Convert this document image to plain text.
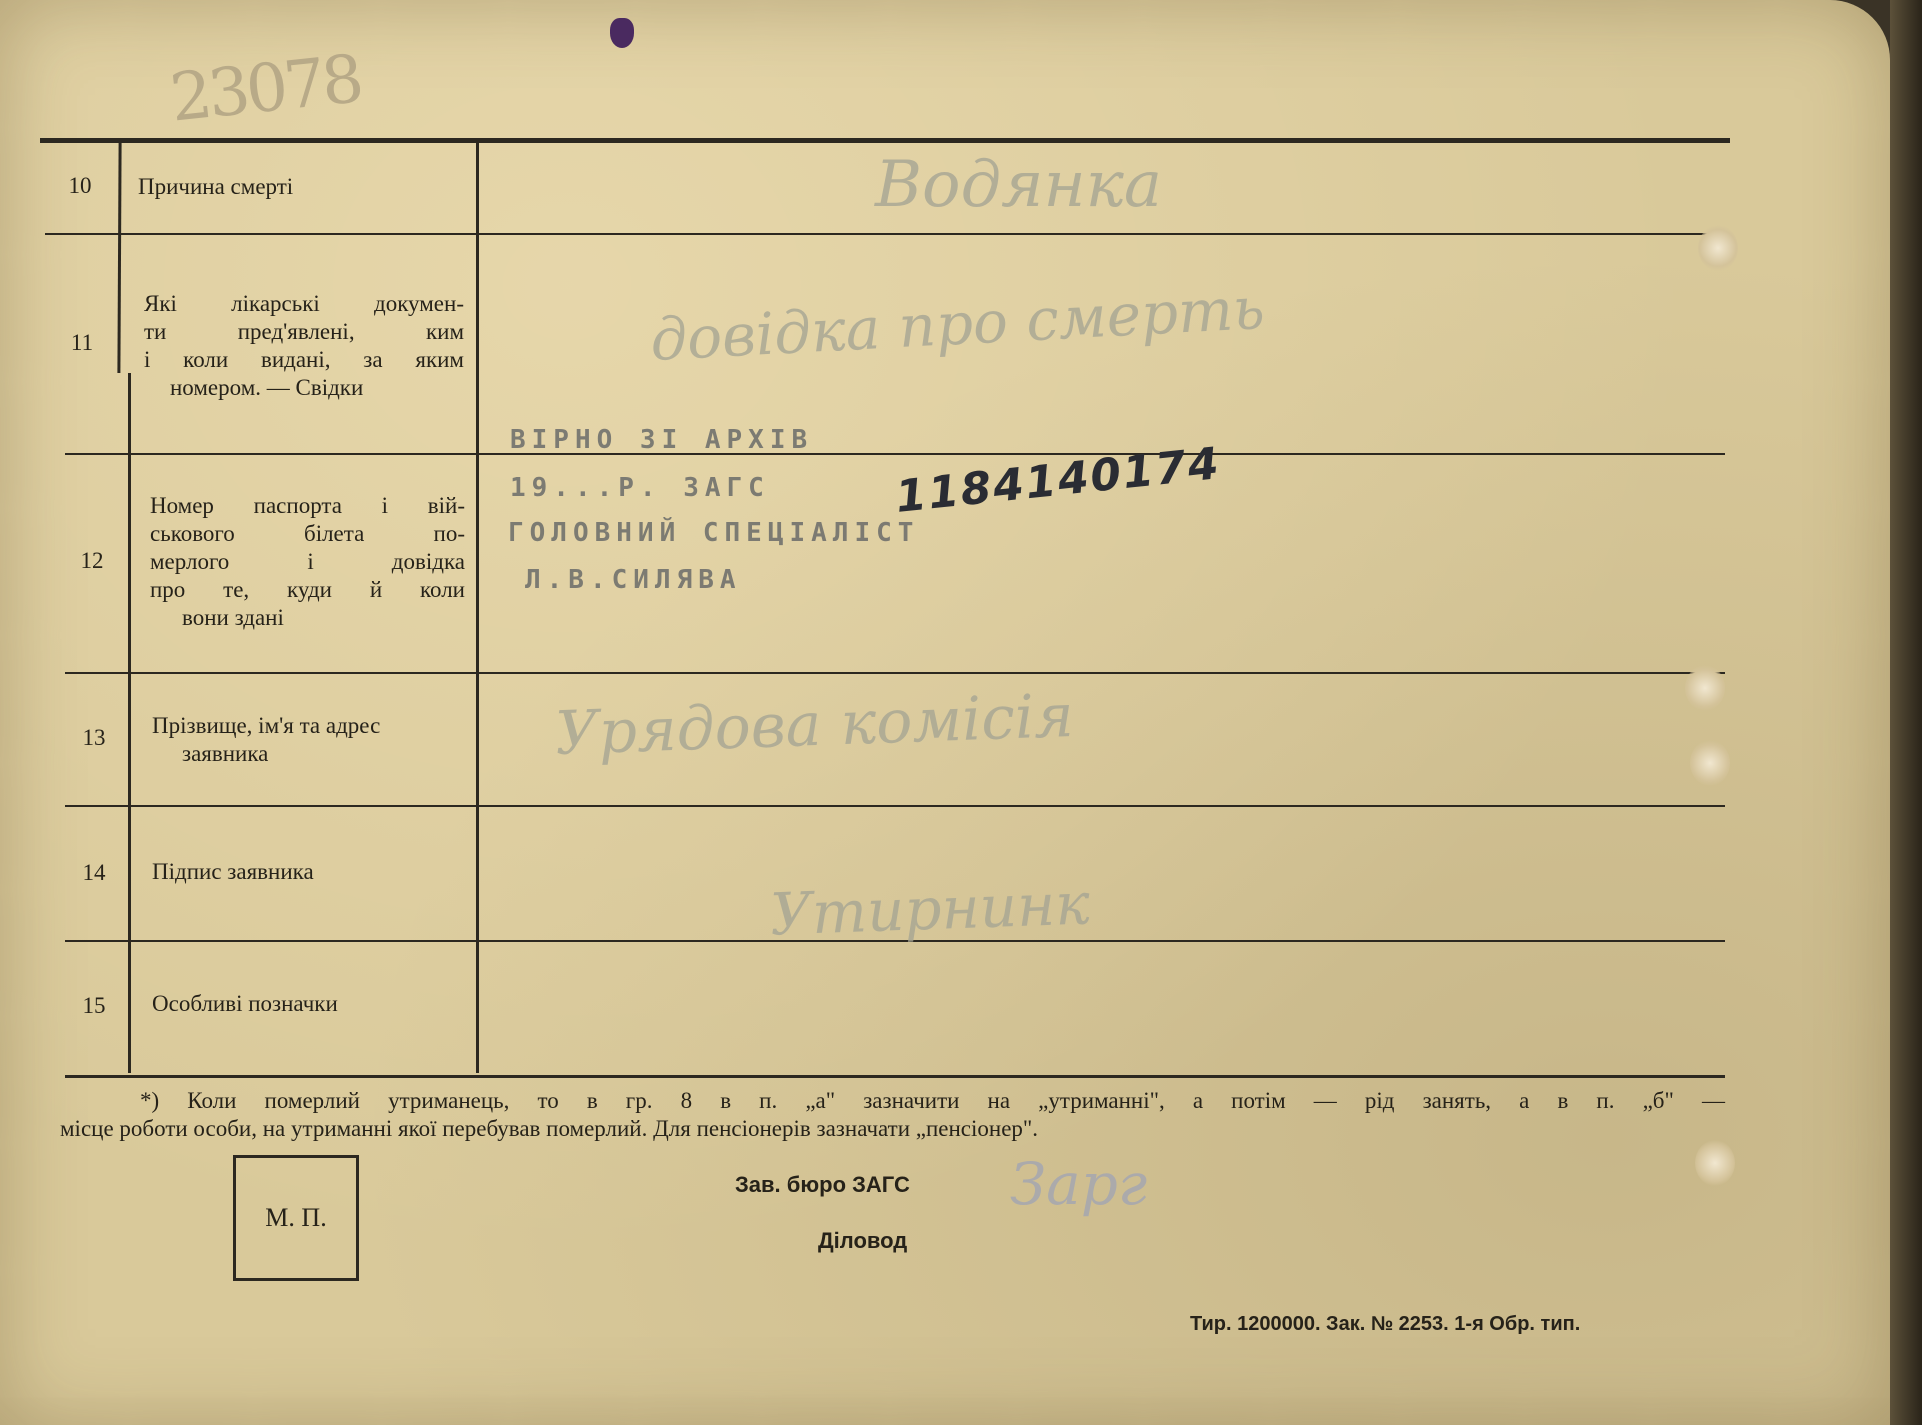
23078
10
11
12
13
14
15
Причина смерті
Які лікарські докумен-
ти пред'явлені, ким
і коли видані, за яким
номером. — Свідки
Номер паспорта і вій-
ськового білета по-
мерлого і довідка
про те, куди й коли
вони здані
Прізвище, ім'я та адрес
заявника
Підпис заявника
Особливі позначки
Водянка
довідка про смерть
Урядова комісія
Утирнинк
ВІРНО ЗІ АРХІВ
19...Р. ЗАГС
ГОЛОВНИЙ СПЕЦІАЛІСТ
Л.В.СИЛЯВА
1184140174
*) Коли померлий утриманець, то в гр. 8 в п. „а" зазначити на „утриманні", а потім — рід занять, а в п. „б" —
місце роботи особи, на утриманні якої перебував померлий. Для пенсіонерів зазначати „пенсіонер".
М. П.
Зав. бюро ЗАГС
Діловод
Зарг
Тир. 1200000. Зак. № 2253. 1-я Обр. тип.
